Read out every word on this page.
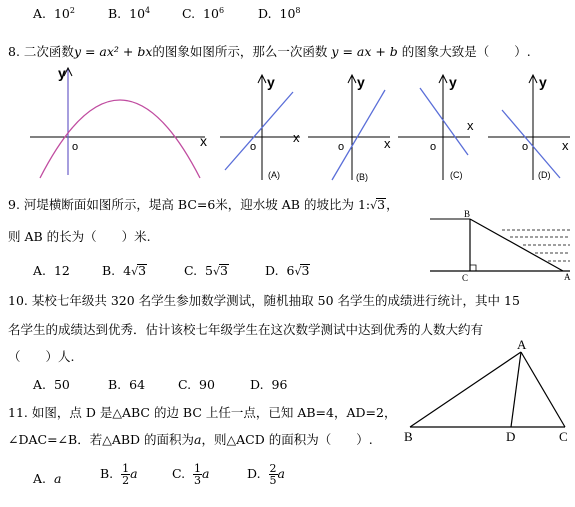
A. $10^2$	B. $10^4$	C. $10^6$	D. $10^8$
8. 二次函数y = ax² + bx的图象如图所示，那么一次函数 y = ax + b 的图象大致是（　　）.
y
o	x
y
o
x
(A)
y
o	x
(B)
y
o
x
(C)
y
o	x
(D)
9. 河堤横断面如图所示，堤高 BC=6米，迎水坡 AB 的坡比为 1:√3，
则 AB 的长为（　　）米.
A. 12	B. 4√3	C. 5√3	D. 6√3
B
C	A
10. 某校七年级共 320 名学生参加数学测试，随机抽取 50 名学生的成绩进行统计，其中 15
名学生的成绩达到优秀．估计该校七年级学生在这次数学测试中达到优秀的人数大约有
（　　）人.
A. 50	B. 64	C. 90	D. 96
11. 如图，点 D 是△ABC 的边 BC 上任一点，已知 AB=4，AD=2，
∠DAC=∠B．若△ABD 的面积为a，则△ACD 的面积为（　　）.
A. a	B. $\frac{1}{2}$ a	C. $\frac{1}{3}$ a	D. $\frac{2}{5}$ a
A
B	D	C
